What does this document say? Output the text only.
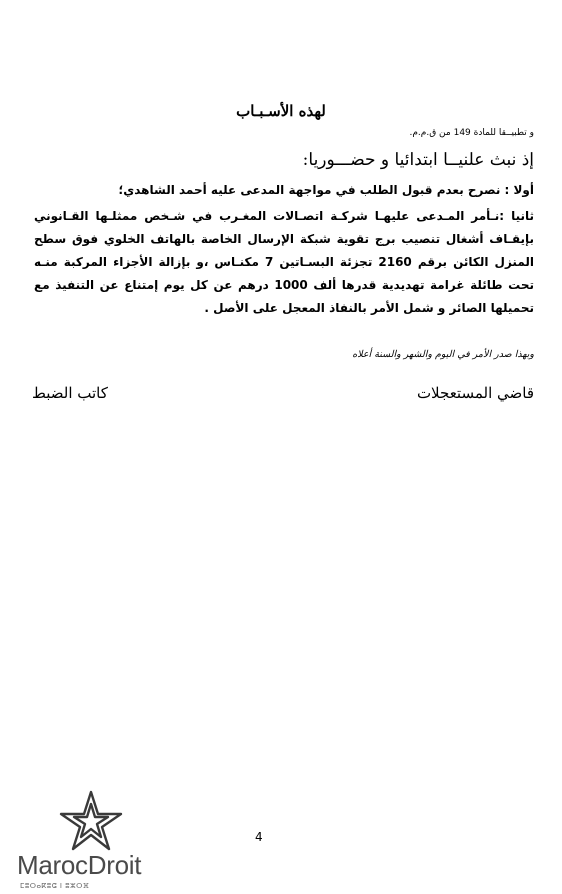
لهذه الأسـبـاب
و تطبيــقا للمادة 149 من ق.م.م.
إذ نبث علنيــا ابتدائيا و حضـــوريا:
أولا : نصرح بعدم قبول الطلب في مواجهة المدعى عليه أحمد الشاهدي؛
ثانيا :نـأمر المـدعى عليهـا شركـة اتصـالات المغـرب في شـخص ممثلـها القـانوني بإيقـاف أشغال تنصيب برج تقوية شبكة الإرسال الخاصة بالهاتف الخلوي فوق سطح المنزل الكائن برقم 2160 تجزئة البسـاتين 7 مكنـاس ،و بإزالة الأجزاء المركبة منـه تحت طائلة غرامة تهديدية قدرها ألف 1000 درهم عن كل يوم إمتناع عن التنفيذ مع تحميلها الصائر و شمل الأمر بالنفاذ المعجل على الأصل .
وبهذا صدر الأمر في اليوم والشهر والسنة أعلاه
قاضي المستعجلات
كاتب الضبط
4
MarocDroit
ⵎⵓⵔⴰⴽⵓⵛ ⵏ ⵓⵣⵔⴼ
